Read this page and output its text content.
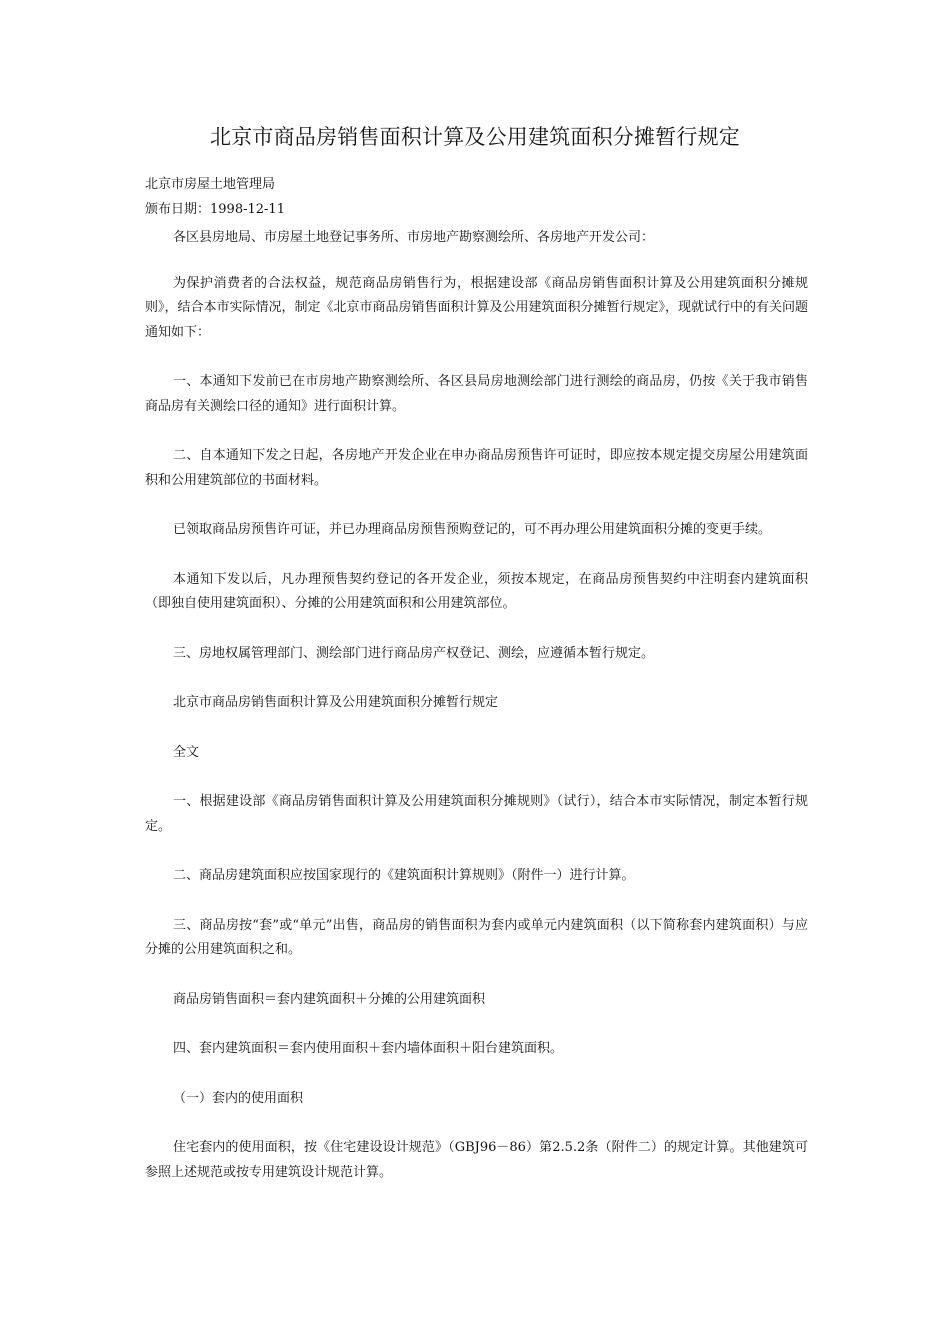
北京市商品房销售面积计算及公用建筑面积分摊暂行规定

北京市房屋土地管理局

颁布日期：1998-12-11

各区县房地局、市房屋土地登记事务所、市房地产勘察测绘所、各房地产开发公司：

为保护消费者的合法权益，规范商品房销售行为，根据建设部《商品房销售面积计算及公用建筑面积分摊规则》，结合本市实际情况，制定《北京市商品房销售面积计算及公用建筑面积分摊暂行规定》，现就试行中的有关问题通知如下：

一、本通知下发前已在市房地产勘察测绘所、各区县局房地测绘部门进行测绘的商品房，仍按《关于我市销售商品房有关测绘口径的通知》进行面积计算。

二、自本通知下发之日起，各房地产开发企业在申办商品房预售许可证时，即应按本规定提交房屋公用建筑面积和公用建筑部位的书面材料。

已领取商品房预售许可证，并已办理商品房预售预购登记的，可不再办理公用建筑面积分摊的变更手续。

本通知下发以后，凡办理预售契约登记的各开发企业，须按本规定，在商品房预售契约中注明套内建筑面积（即独自使用建筑面积）、分摊的公用建筑面积和公用建筑部位。

三、房地权属管理部门、测绘部门进行商品房产权登记、测绘，应遵循本暂行规定。

北京市商品房销售面积计算及公用建筑面积分摊暂行规定

全文

一、根据建设部《商品房销售面积计算及公用建筑面积分摊规则》（试行），结合本市实际情况，制定本暂行规定。

二、商品房建筑面积应按国家现行的《建筑面积计算规则》（附件一）进行计算。

三、商品房按“套”或“单元”出售，商品房的销售面积为套内或单元内建筑面积（以下简称套内建筑面积）与应分摊的公用建筑面积之和。

商品房销售面积＝套内建筑面积＋分摊的公用建筑面积

四、套内建筑面积＝套内使用面积＋套内墙体面积＋阳台建筑面积。

（一）套内的使用面积

住宅套内的使用面积，按《住宅建设设计规范》（GBJ96－86）第2.5.2条（附件二）的规定计算。其他建筑可参照上述规范或按专用建筑设计规范计算。
